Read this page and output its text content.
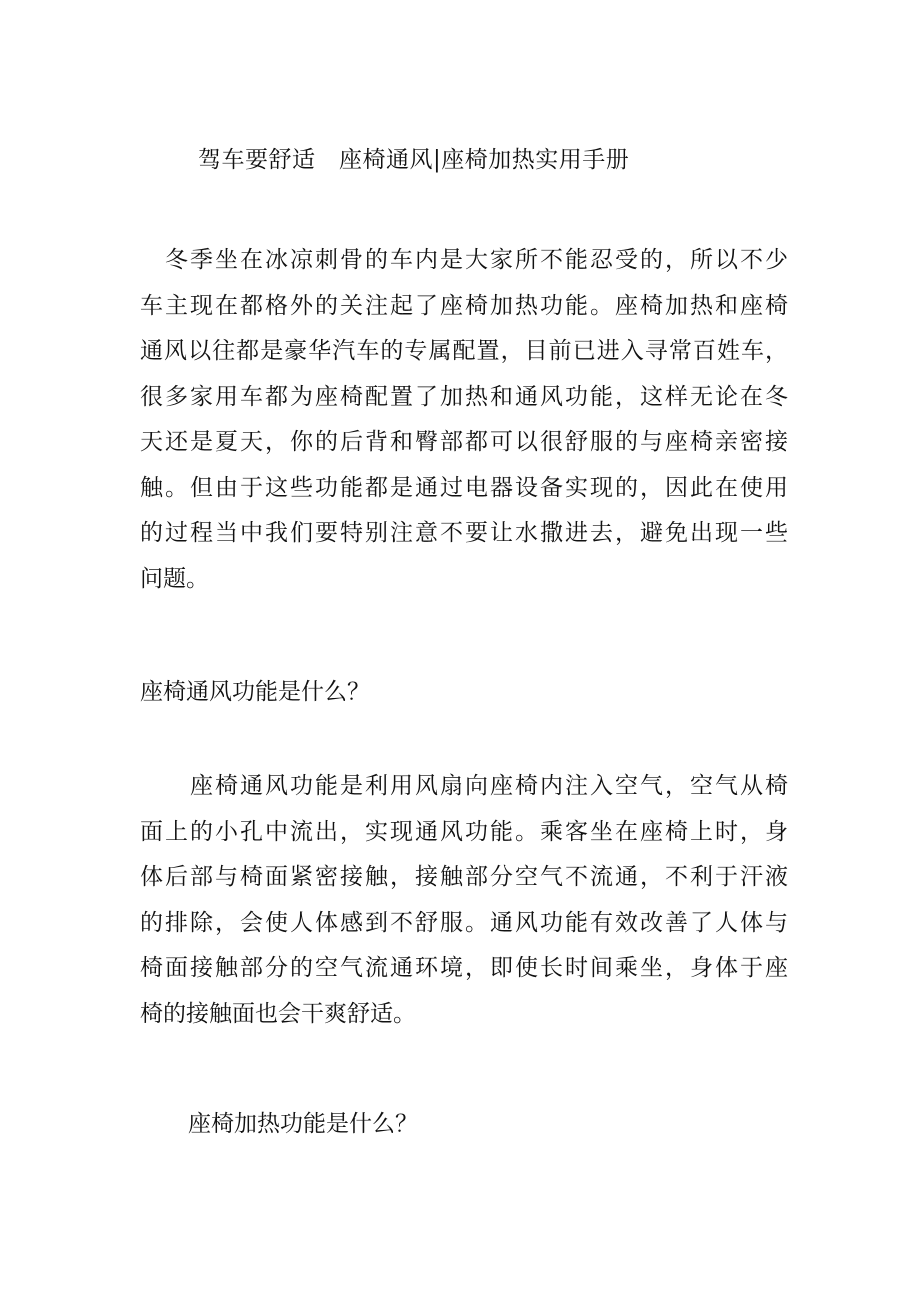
驾车要舒适　座椅通风|座椅加热实用手册
　冬季坐在冰凉刺骨的车内是大家所不能忍受的，所以不少
车主现在都格外的关注起了座椅加热功能。座椅加热和座椅
通风以往都是豪华汽车的专属配置，目前已进入寻常百姓车，
很多家用车都为座椅配置了加热和通风功能，这样无论在冬
天还是夏天，你的后背和臀部都可以很舒服的与座椅亲密接
触。但由于这些功能都是通过电器设备实现的，因此在使用
的过程当中我们要特别注意不要让水撒进去，避免出现一些
问题。
座椅通风功能是什么？
　　座椅通风功能是利用风扇向座椅内注入空气，空气从椅
面上的小孔中流出，实现通风功能。乘客坐在座椅上时，身
体后部与椅面紧密接触，接触部分空气不流通，不利于汗液
的排除，会使人体感到不舒服。通风功能有效改善了人体与
椅面接触部分的空气流通环境，即使长时间乘坐，身体于座
椅的接触面也会干爽舒适。
座椅加热功能是什么？
